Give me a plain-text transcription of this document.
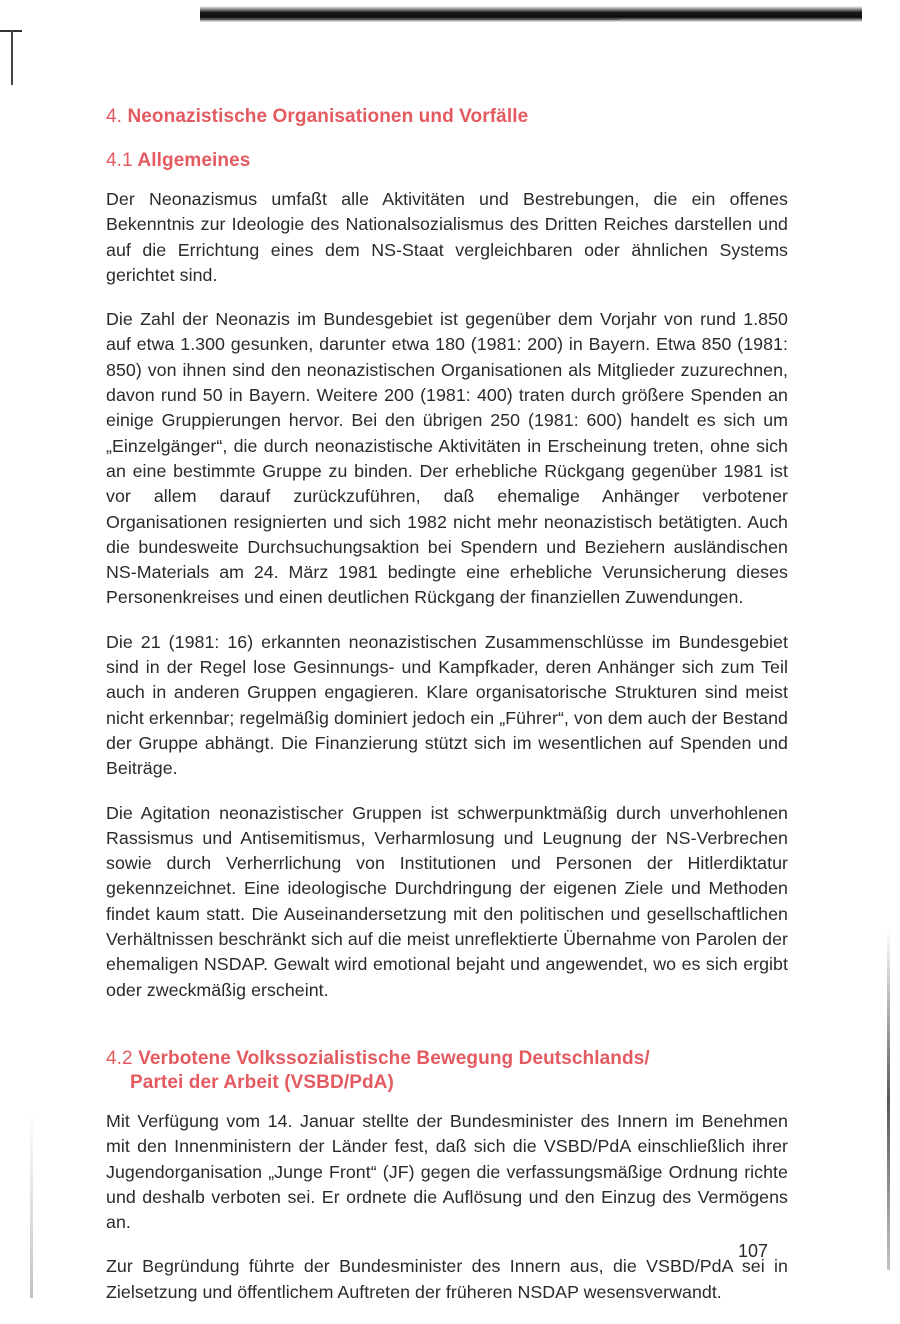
4. Neonazistische Organisationen und Vorfälle
4.1 Allgemeines

Der Neonazismus umfaßt alle Aktivitäten und Bestrebungen, die ein offenes Bekenntnis zur Ideologie des Nationalsozialismus des Dritten Reiches darstellen und auf die Errichtung eines dem NS-Staat vergleichbaren oder ähnlichen Systems gerichtet sind.

Die Zahl der Neonazis im Bundesgebiet ist gegenüber dem Vorjahr von rund 1.850 auf etwa 1.300 gesunken, darunter etwa 180 (1981: 200) in Bayern. Etwa 850 (1981: 850) von ihnen sind den neonazistischen Organisationen als Mitglieder zuzurechnen, davon rund 50 in Bayern. Weitere 200 (1981: 400) traten durch größere Spenden an einige Gruppierungen hervor. Bei den übrigen 250 (1981: 600) handelt es sich um „Einzelgänger“, die durch neonazistische Aktivitäten in Erscheinung treten, ohne sich an eine bestimmte Gruppe zu binden. Der erhebliche Rückgang gegenüber 1981 ist vor allem darauf zurückzuführen, daß ehemalige Anhänger verbotener Organisationen resignierten und sich 1982 nicht mehr neonazistisch betätigten. Auch die bundesweite Durchsuchungsaktion bei Spendern und Beziehern ausländischen NS-Materials am 24. März 1981 bedingte eine erhebliche Verunsicherung dieses Personenkreises und einen deutlichen Rückgang der finanziellen Zuwendungen.

Die 21 (1981: 16) erkannten neonazistischen Zusammenschlüsse im Bundesgebiet sind in der Regel lose Gesinnungs- und Kampfkader, deren Anhänger sich zum Teil auch in anderen Gruppen engagieren. Klare organisatorische Strukturen sind meist nicht erkennbar; regelmäßig dominiert jedoch ein „Führer“, von dem auch der Bestand der Gruppe abhängt. Die Finanzierung stützt sich im wesentlichen auf Spenden und Beiträge.

Die Agitation neonazistischer Gruppen ist schwerpunktmäßig durch unverhohlenen Rassismus und Antisemitismus, Verharmlosung und Leugnung der NS-Verbrechen sowie durch Verherrlichung von Institutionen und Personen der Hitlerdiktatur gekennzeichnet. Eine ideologische Durchdringung der eigenen Ziele und Methoden findet kaum statt. Die Auseinandersetzung mit den politischen und gesellschaftlichen Verhältnissen beschränkt sich auf die meist unreflektierte Übernahme von Parolen der ehemaligen NSDAP. Gewalt wird emotional bejaht und angewendet, wo es sich ergibt oder zweckmäßig erscheint.

4.2 Verbotene Volkssozialistische Bewegung Deutschlands/
Partei der Arbeit (VSBD/PdA)

Mit Verfügung vom 14. Januar stellte der Bundesminister des Innern im Benehmen mit den Innenministern der Länder fest, daß sich die VSBD/PdA einschließlich ihrer Jugendorganisation „Junge Front“ (JF) gegen die verfassungsmäßige Ordnung richte und deshalb verboten sei. Er ordnete die Auflösung und den Einzug des Vermögens an.

Zur Begründung führte der Bundesminister des Innern aus, die VSBD/PdA sei in Zielsetzung und öffentlichem Auftreten der früheren NSDAP wesensverwandt.

107
